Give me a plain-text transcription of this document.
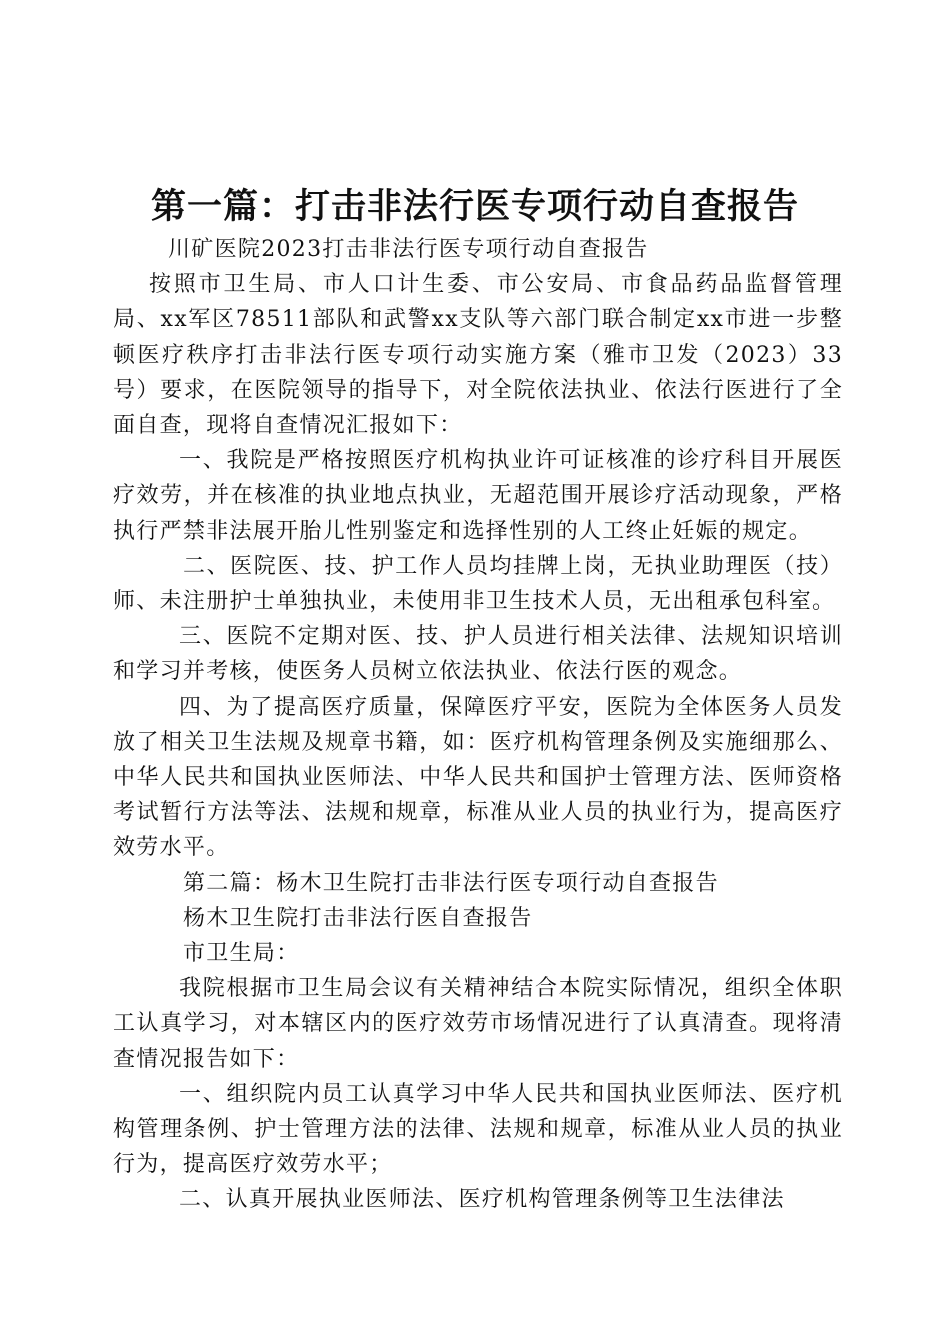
第一篇：打击非法行医专项行动自查报告

川矿医院2023打击非法行医专项行动自查报告

按照市卫生局、市人口计生委、市公安局、市食品药品监督管理局、xx军区78511部队和武警xx支队等六部门联合制定xx市进一步整顿医疗秩序打击非法行医专项行动实施方案（雅市卫发（2023）33号）要求，在医院领导的指导下，对全院依法执业、依法行医进行了全面自查，现将自查情况汇报如下：

一、我院是严格按照医疗机构执业许可证核准的诊疗科目开展医疗效劳，并在核准的执业地点执业，无超范围开展诊疗活动现象，严格执行严禁非法展开胎儿性别鉴定和选择性别的人工终止妊娠的规定。

二、医院医、技、护工作人员均挂牌上岗，无执业助理医（技）师、未注册护士单独执业，未使用非卫生技术人员，无出租承包科室。

三、医院不定期对医、技、护人员进行相关法律、法规知识培训和学习并考核，使医务人员树立依法执业、依法行医的观念。

四、为了提高医疗质量，保障医疗平安，医院为全体医务人员发放了相关卫生法规及规章书籍，如：医疗机构管理条例及实施细那么、中华人民共和国执业医师法、中华人民共和国护士管理方法、医师资格考试暂行方法等法、法规和规章，标准从业人员的执业行为，提高医疗效劳水平。

第二篇：杨木卫生院打击非法行医专项行动自查报告

杨木卫生院打击非法行医自查报告

市卫生局：

我院根据市卫生局会议有关精神结合本院实际情况，组织全体职工认真学习，对本辖区内的医疗效劳市场情况进行了认真清查。现将清查情况报告如下：

一、组织院内员工认真学习中华人民共和国执业医师法、医疗机构管理条例、护士管理方法的法律、法规和规章，标准从业人员的执业行为，提高医疗效劳水平；

二、认真开展执业医师法、医疗机构管理条例等卫生法律法
